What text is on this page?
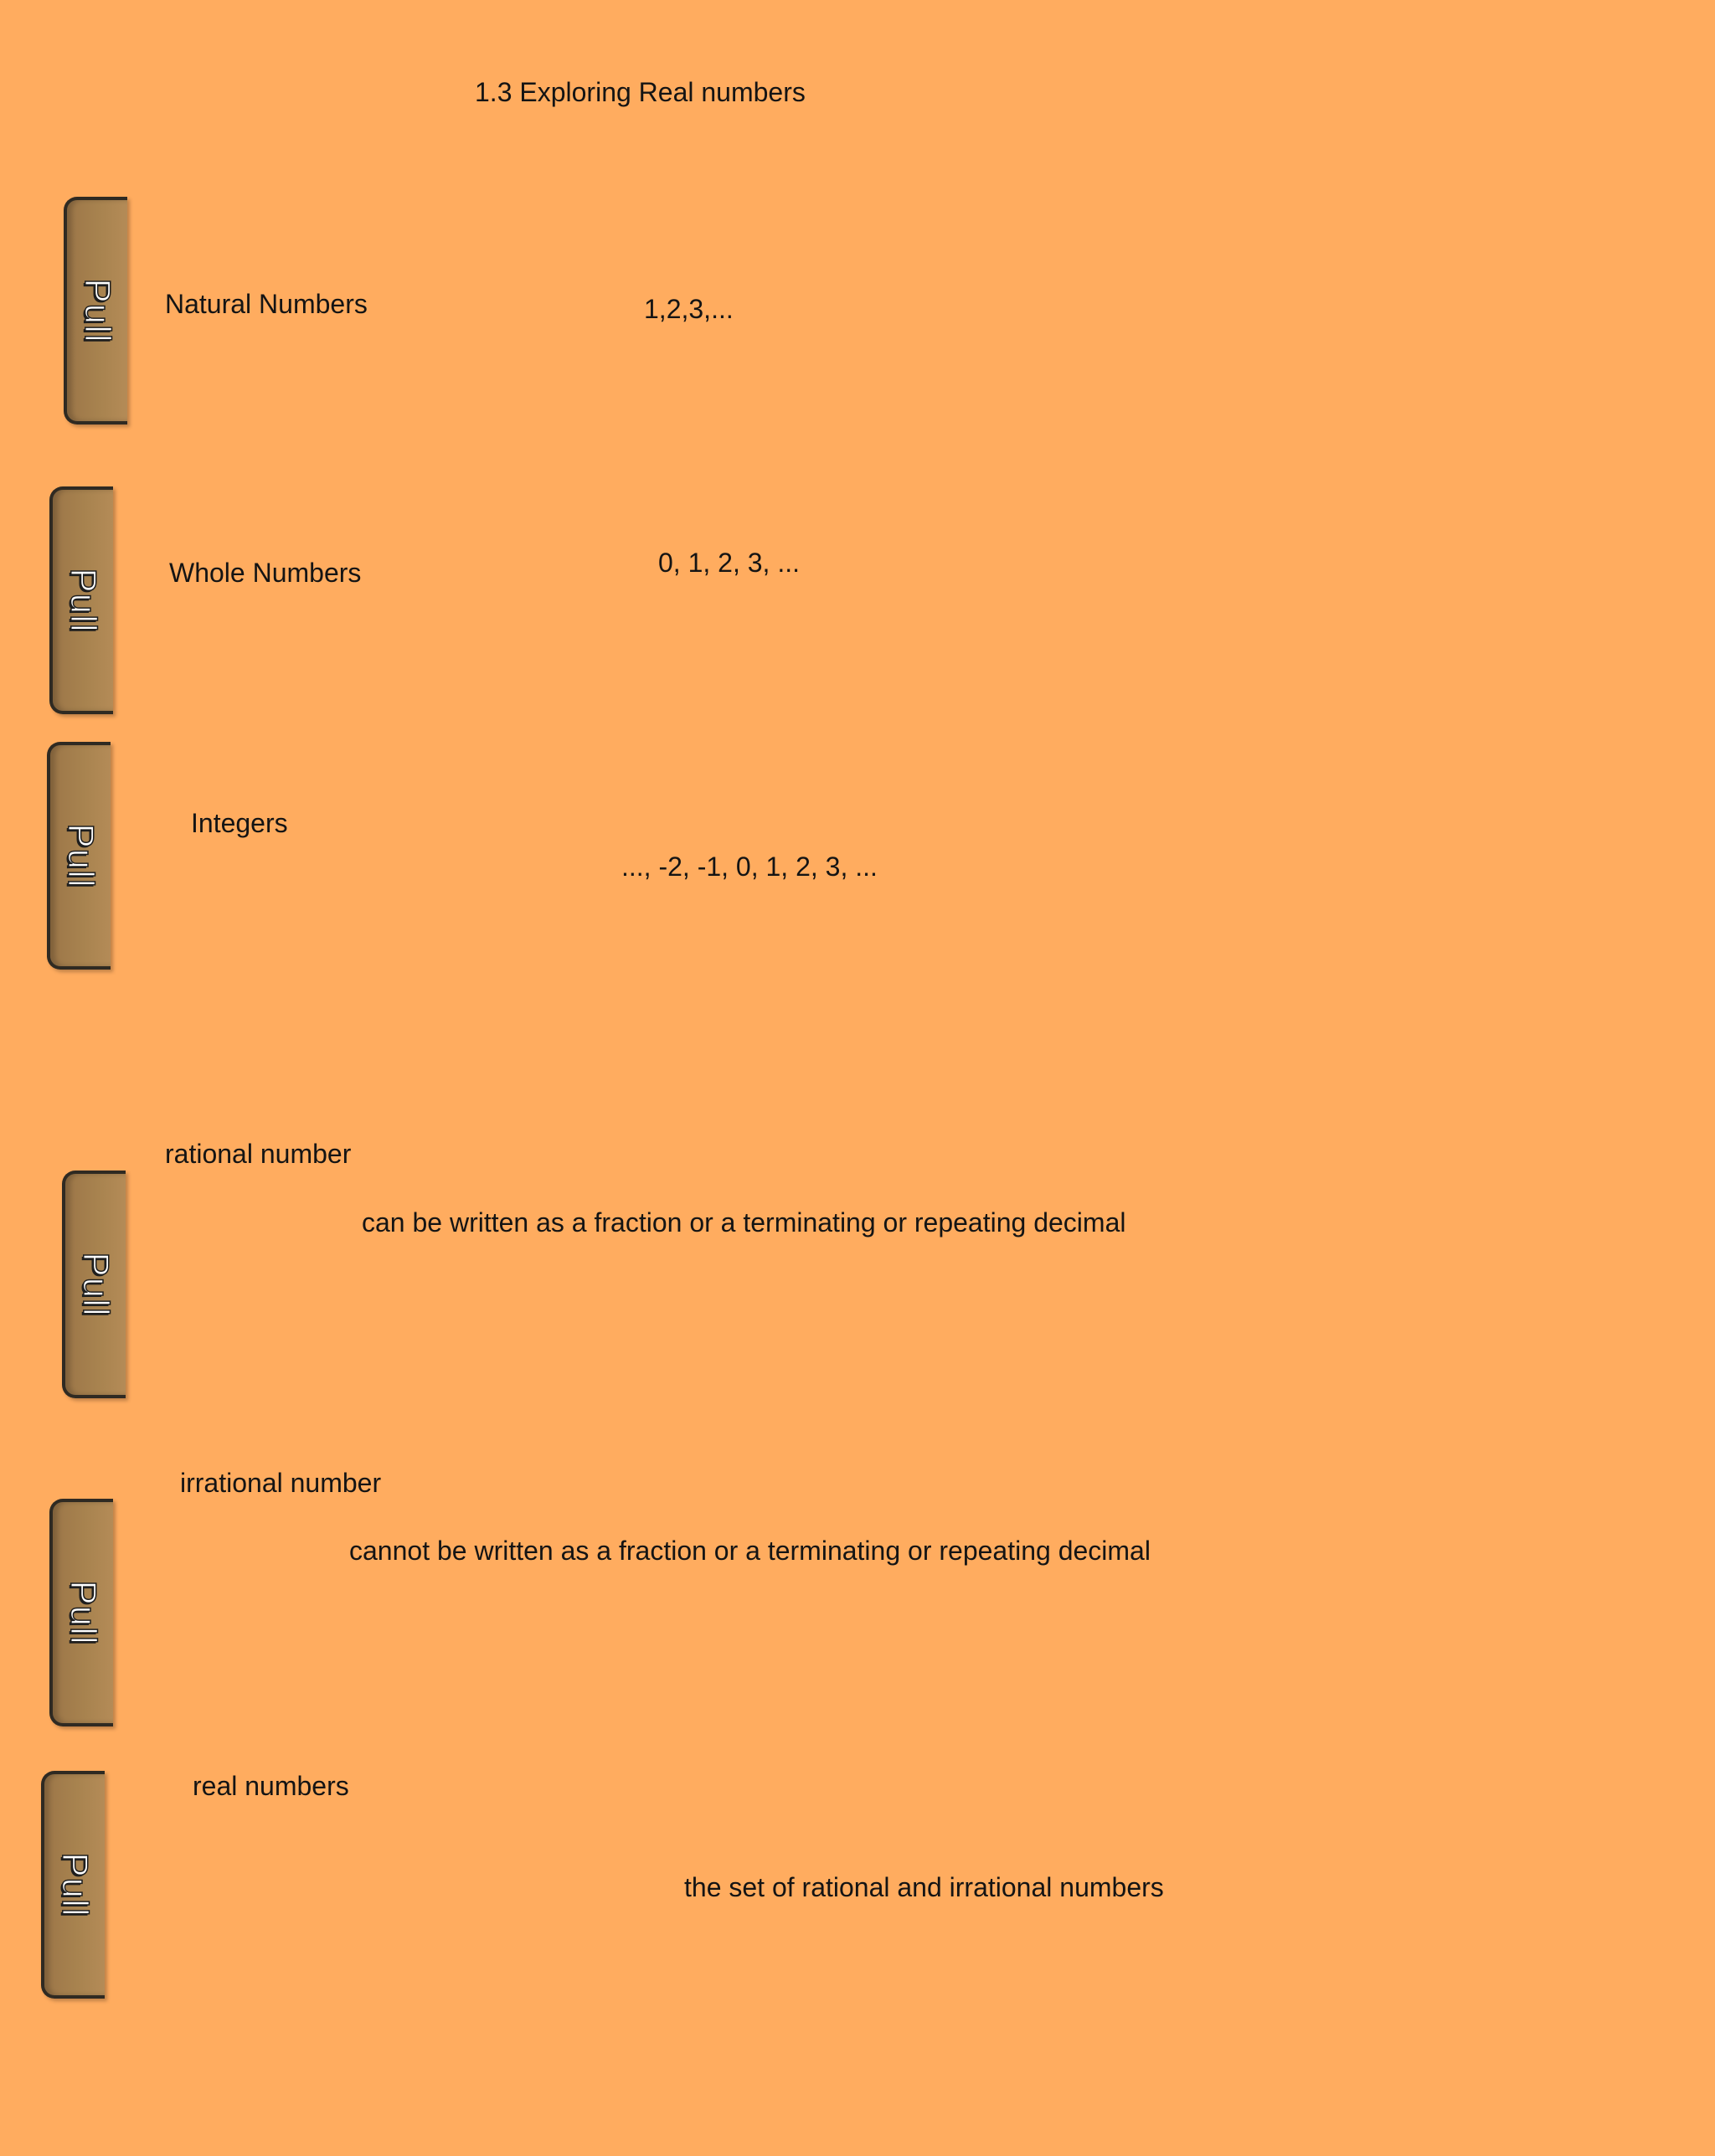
1.3 Exploring Real numbers
Pull Natural Numbers	1,2,3,...
Pull Whole Numbers	0, 1, 2, 3, ...
Pull
Integers
..., -2, -1, 0, 1, 2, 3, ...
Pull
rational number
can be written as a fraction or a terminating or repeating decimal
Pull
irrational number
cannot be written as a fraction or a terminating or repeating decimal
Pull
real numbers
the set of rational and irrational numbers
